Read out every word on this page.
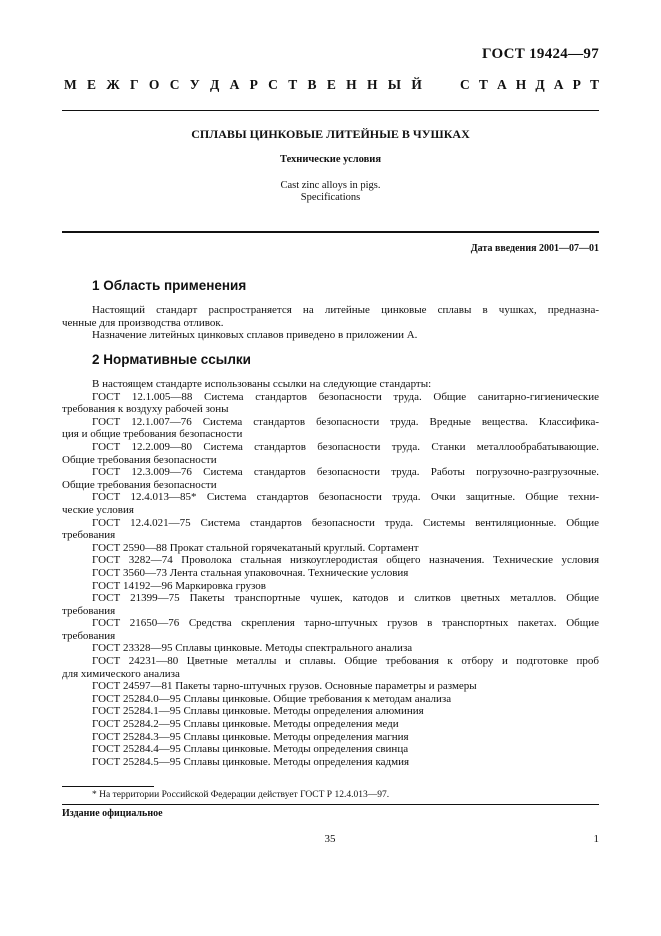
ГОСТ 19424—97
М Е Ж Г О С У Д А Р С Т В Е Н Н Ы Й	С Т А Н Д А Р Т
СПЛАВЫ ЦИНКОВЫЕ ЛИТЕЙНЫЕ В ЧУШКАХ
Технические условия
Cast zinc alloys in pigs.
Specifications
Дата введения 2001—07—01
1 Область применения
Настоящий стандарт распространяется на литейные цинковые сплавы в чушках, предназна-
ченные для производства отливок.
Назначение литейных цинковых сплавов приведено в приложении А.
2 Нормативные ссылки
В настоящем стандарте использованы ссылки на следующие стандарты:
ГОСТ 12.1.005—88 Система стандартов безопасности труда. Общие санитарно-гигиенические
требования к воздуху рабочей зоны
ГОСТ 12.1.007—76 Система стандартов безопасности труда. Вредные вещества. Классифика-
ция и общие требования безопасности
ГОСТ 12.2.009—80 Система стандартов безопасности труда. Станки металлообрабатывающие.
Общие требования безопасности
ГОСТ 12.3.009—76 Система стандартов безопасности труда. Работы погрузочно-разгрузочные.
Общие требования безопасности
ГОСТ 12.4.013—85* Система стандартов безопасности труда. Очки защитные. Общие техни-
ческие условия
ГОСТ 12.4.021—75 Система стандартов безопасности труда. Системы вентиляционные. Общие
требования
ГОСТ 2590—88 Прокат стальной горячекатаный круглый. Сортамент
ГОСТ 3282—74 Проволока стальная низкоуглеродистая общего назначения. Технические условия
ГОСТ 3560—73 Лента стальная упаковочная. Технические условия
ГОСТ 14192—96 Маркировка грузов
ГОСТ 21399—75 Пакеты транспортные чушек, катодов и слитков цветных металлов. Общие
требования
ГОСТ 21650—76 Средства скрепления тарно-штучных грузов в транспортных пакетах. Общие
требования
ГОСТ 23328—95 Сплавы цинковые. Методы спектрального анализа
ГОСТ 24231—80 Цветные металлы и сплавы. Общие требования к отбору и подготовке проб
для химического анализа
ГОСТ 24597—81 Пакеты тарно-штучных грузов. Основные параметры и размеры
ГОСТ 25284.0—95 Сплавы цинковые. Общие требования к методам анализа
ГОСТ 25284.1—95 Сплавы цинковые. Методы определения алюминия
ГОСТ 25284.2—95 Сплавы цинковые. Методы определения меди
ГОСТ 25284.3—95 Сплавы цинковые. Методы определения магния
ГОСТ 25284.4—95 Сплавы цинковые. Методы определения свинца
ГОСТ 25284.5—95 Сплавы цинковые. Методы определения кадмия
* На территории Российской Федерации действует ГОСТ Р 12.4.013—97.
Издание официальное
35	1
